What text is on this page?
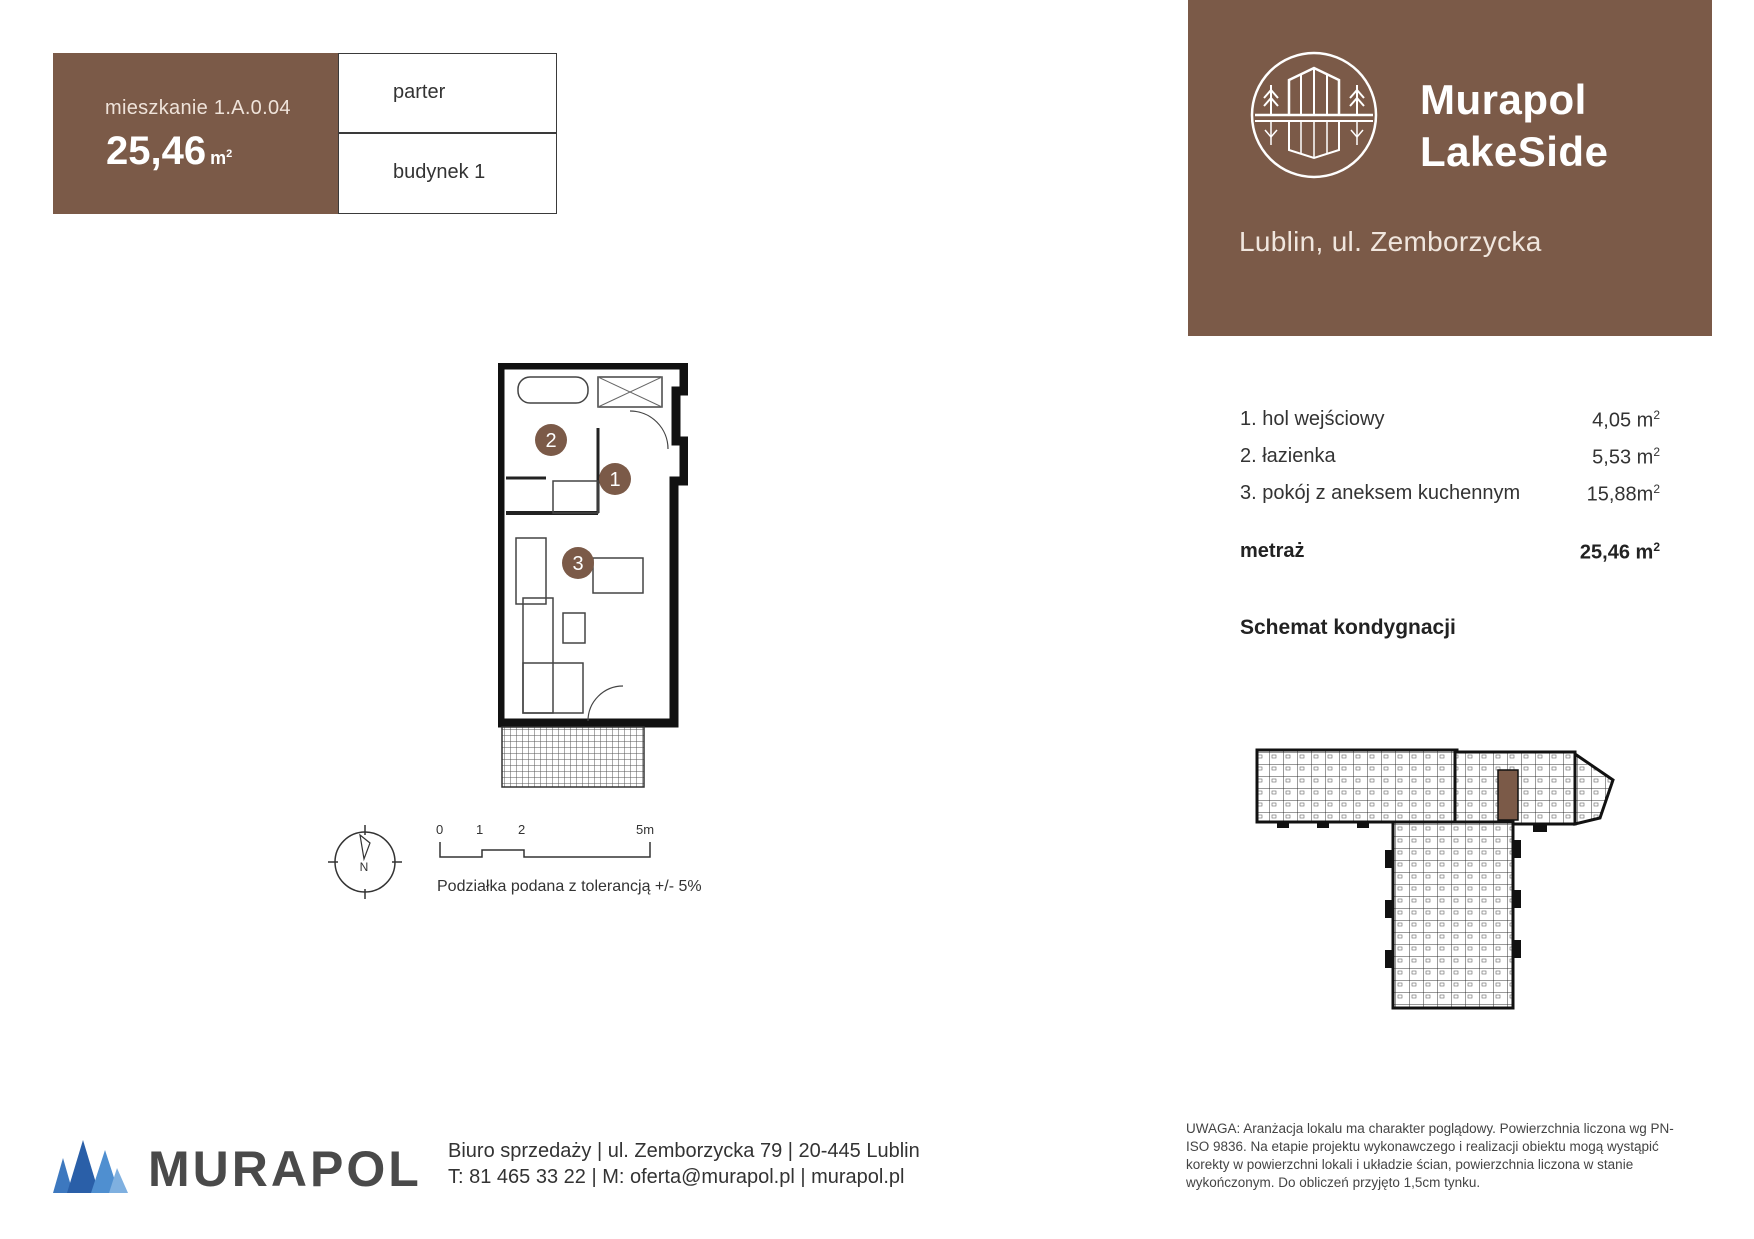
mieszkanie 1.A.0.04
25,46 $m^2$
parter
budynek 1
Murapol
LakeSide
Lublin, ul. Zemborzycka
1. hol wejściowy	4,05 $m^2$
2. łazienka	5,53 $m^2$
3. pokój z aneksem kuchennym	$15,88m^2$
metraż	25,46 $m^2$
Schemat kondygnacji
2
1
3
N
0	1	2	5m
Podziałka podana z tolerancją +/- 5%
MURAPOL Biuro sprzedaży | ul. Zemborzycka 79 | 20-445 Lublin
T: 81 465 33 22 | M: oferta@murapol.pl | murapol.pl
UWAGA: Aranżacja lokalu ma charakter poglądowy. Powierzchnia liczona wg PN-ISO 9836. Na etapie projektu wykonawczego i realizacji obiektu mogą wystąpić korekty w powierzchni lokali i układzie ścian, powierzchnia liczona w stanie wykończonym. Do obliczeń przyjęto 1,5cm tynku.
